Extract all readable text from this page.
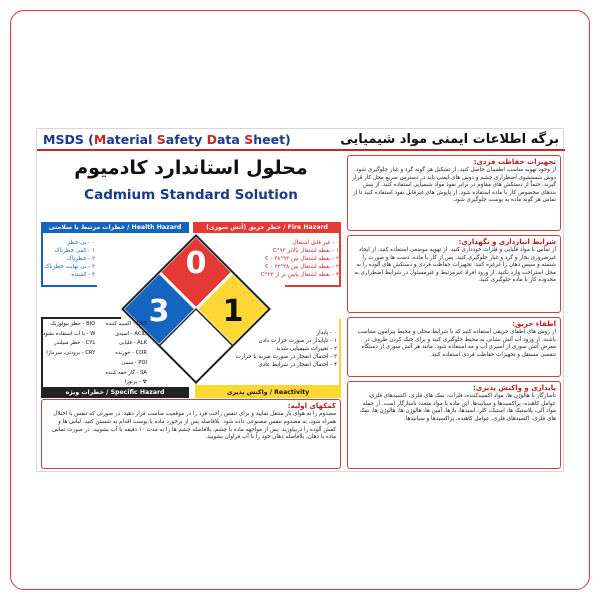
MSDS (Material Safety Data Sheet)	برگه اطلاعات ایمنی مواد شیمیایی
محلول استاندارد کادمیوم
Cadmium Standard Solution
خطرات مرتبط با سلامتی / Health Hazard	خطر حریق (آتش سوزی) / Fire Hazard
۰ - بی خطر
۱ - کمی خطرناک
۲ - خطرناک
۳ - بی نهایت خطرناک
۴ - کشنده
۰ - غیر قابل اشتعال
۱ - نقطه اشتعال بالاتر ۹۳°C
۲ - نقطه اشتعال بین ۹۳°C - ۳۸
۳ - نقطه اشتعال بین ۳۸°C - ۲۳
۴ - نقطه اشتعال پایین تر از ۲۳°C
0
3 1
OXY - اکسید کننده
BIO - خطر بیولوژیک
ACID - اسیدی
W - با آب استفاده نشود
ALK - قلیایی
CYL - خطر سیلندر
COR - خورنده
CRY - برودتی، سرمازا
POI - سمی
SA - گاز خفه کننده
☢ - پرتوزا
۰ - پایدار
۱ - ناپایدار در صورت حرارت دادن
۲ - تغییرات شیمیایی شدید
۳ - احتمال انفجار در صورت ضربه یا حرارت
۴ - احتمال انفجار در شرایط عادی
خطرات ویژه / Specific Hazard	واکنش پذیری / Reactivity
کمکهای اولیه:
مصدوم را به هوای باز منتقل نمایید و برای تنفس راحت فرد را در موقعیت مناسب قرار دهید. در صورتی که تنفس با اختلال همراه شود، به مصدوم تنفس مصنوعی داده شود. بلافاصله پس از برخورد ماده با پوست اقدام به شستن کنید. لباس ها و کفش آلوده را دربیاورید. پس از مواجهه ماده با چشم، بلافاصله چشم ها را به مدت ۱۰ دقیقه با آب بشویید. در صورت تماس ماده با دهان، بلافاصله دهان خود را با آب فراوان بشویید.
تجهیزات حفاظت فردی:
از وجود تهویه مناسب اطمینان حاصل کنید. از تشکیل هر گونه گرد و غبار جلوگیری شود. دوش شستشوی اضطراری چشم و دوش های ایمنی باید در دسترس سریع محل کار قرار گیرند. حتماً از دستکش های مقاوم در برابر نفوذ مواد شیمیایی استفاده کنید. از پیش بندهای مخصوص کار با ماده استفاده شود. از پایوش های غیرقابل نفوذ استفاده کنید تا از تماس هر گونه ماده به پوست جلوگیری شود.
شرایط انبارداری و نگهداری:
از تماس با مواد قلیایی و فلزات خودداری کنید. از تهویه موضعی استفاده کنید. از ایجاد غیرضروری بخار و گرد و غبار جلوگیری کنید. پس از کار با ماده، دست ها و صورت را شسته و سپس دهان را غرغره کنید. تجهیزات حفاظت فردی و دستکش های آلوده را به محل استراحت وارد نکنید. از ورود افراد غیرمرتبط و غیرمسئول در شرایط اضطراری به محدوده کار با ماده جلوگیری کنید.
اطفاء حریق:
از روش های اطفای حریقی استفاده کنید که با شرایط محلی و محیط پیرامون متناسب باشند. از ورود آب آتش نشانی به محیط جلوگیری کنید و برای خنک کردن ظروف در معرض آتش سوزی از اسپری آب و مه استفاده شود. مانند هر آتش سوزی از دستگاه تنفسی مستقل و تجهیزات حفاظت فردی استفاده کنید.
پایداری و واکنش پذیری:
ناسازگار با هالوژن ها، مواد اکسیدکننده، فلزات، نمک های فلزی، اکسیدهای فلزی، عوامل کاهنده، پراکسیدها و سیانیدها. این ماده با مواد متعدد ناسازگار است. از جمله مواد آلی، پلاستیک ها، استیک، کلر، اسیدها، بازها، آمین ها، هالوژن ها، هالوژن ها، نمک های فلزی، اکسیدهای فلزی، عوامل کاهنده، پراکسیدها و سیانیدها.
